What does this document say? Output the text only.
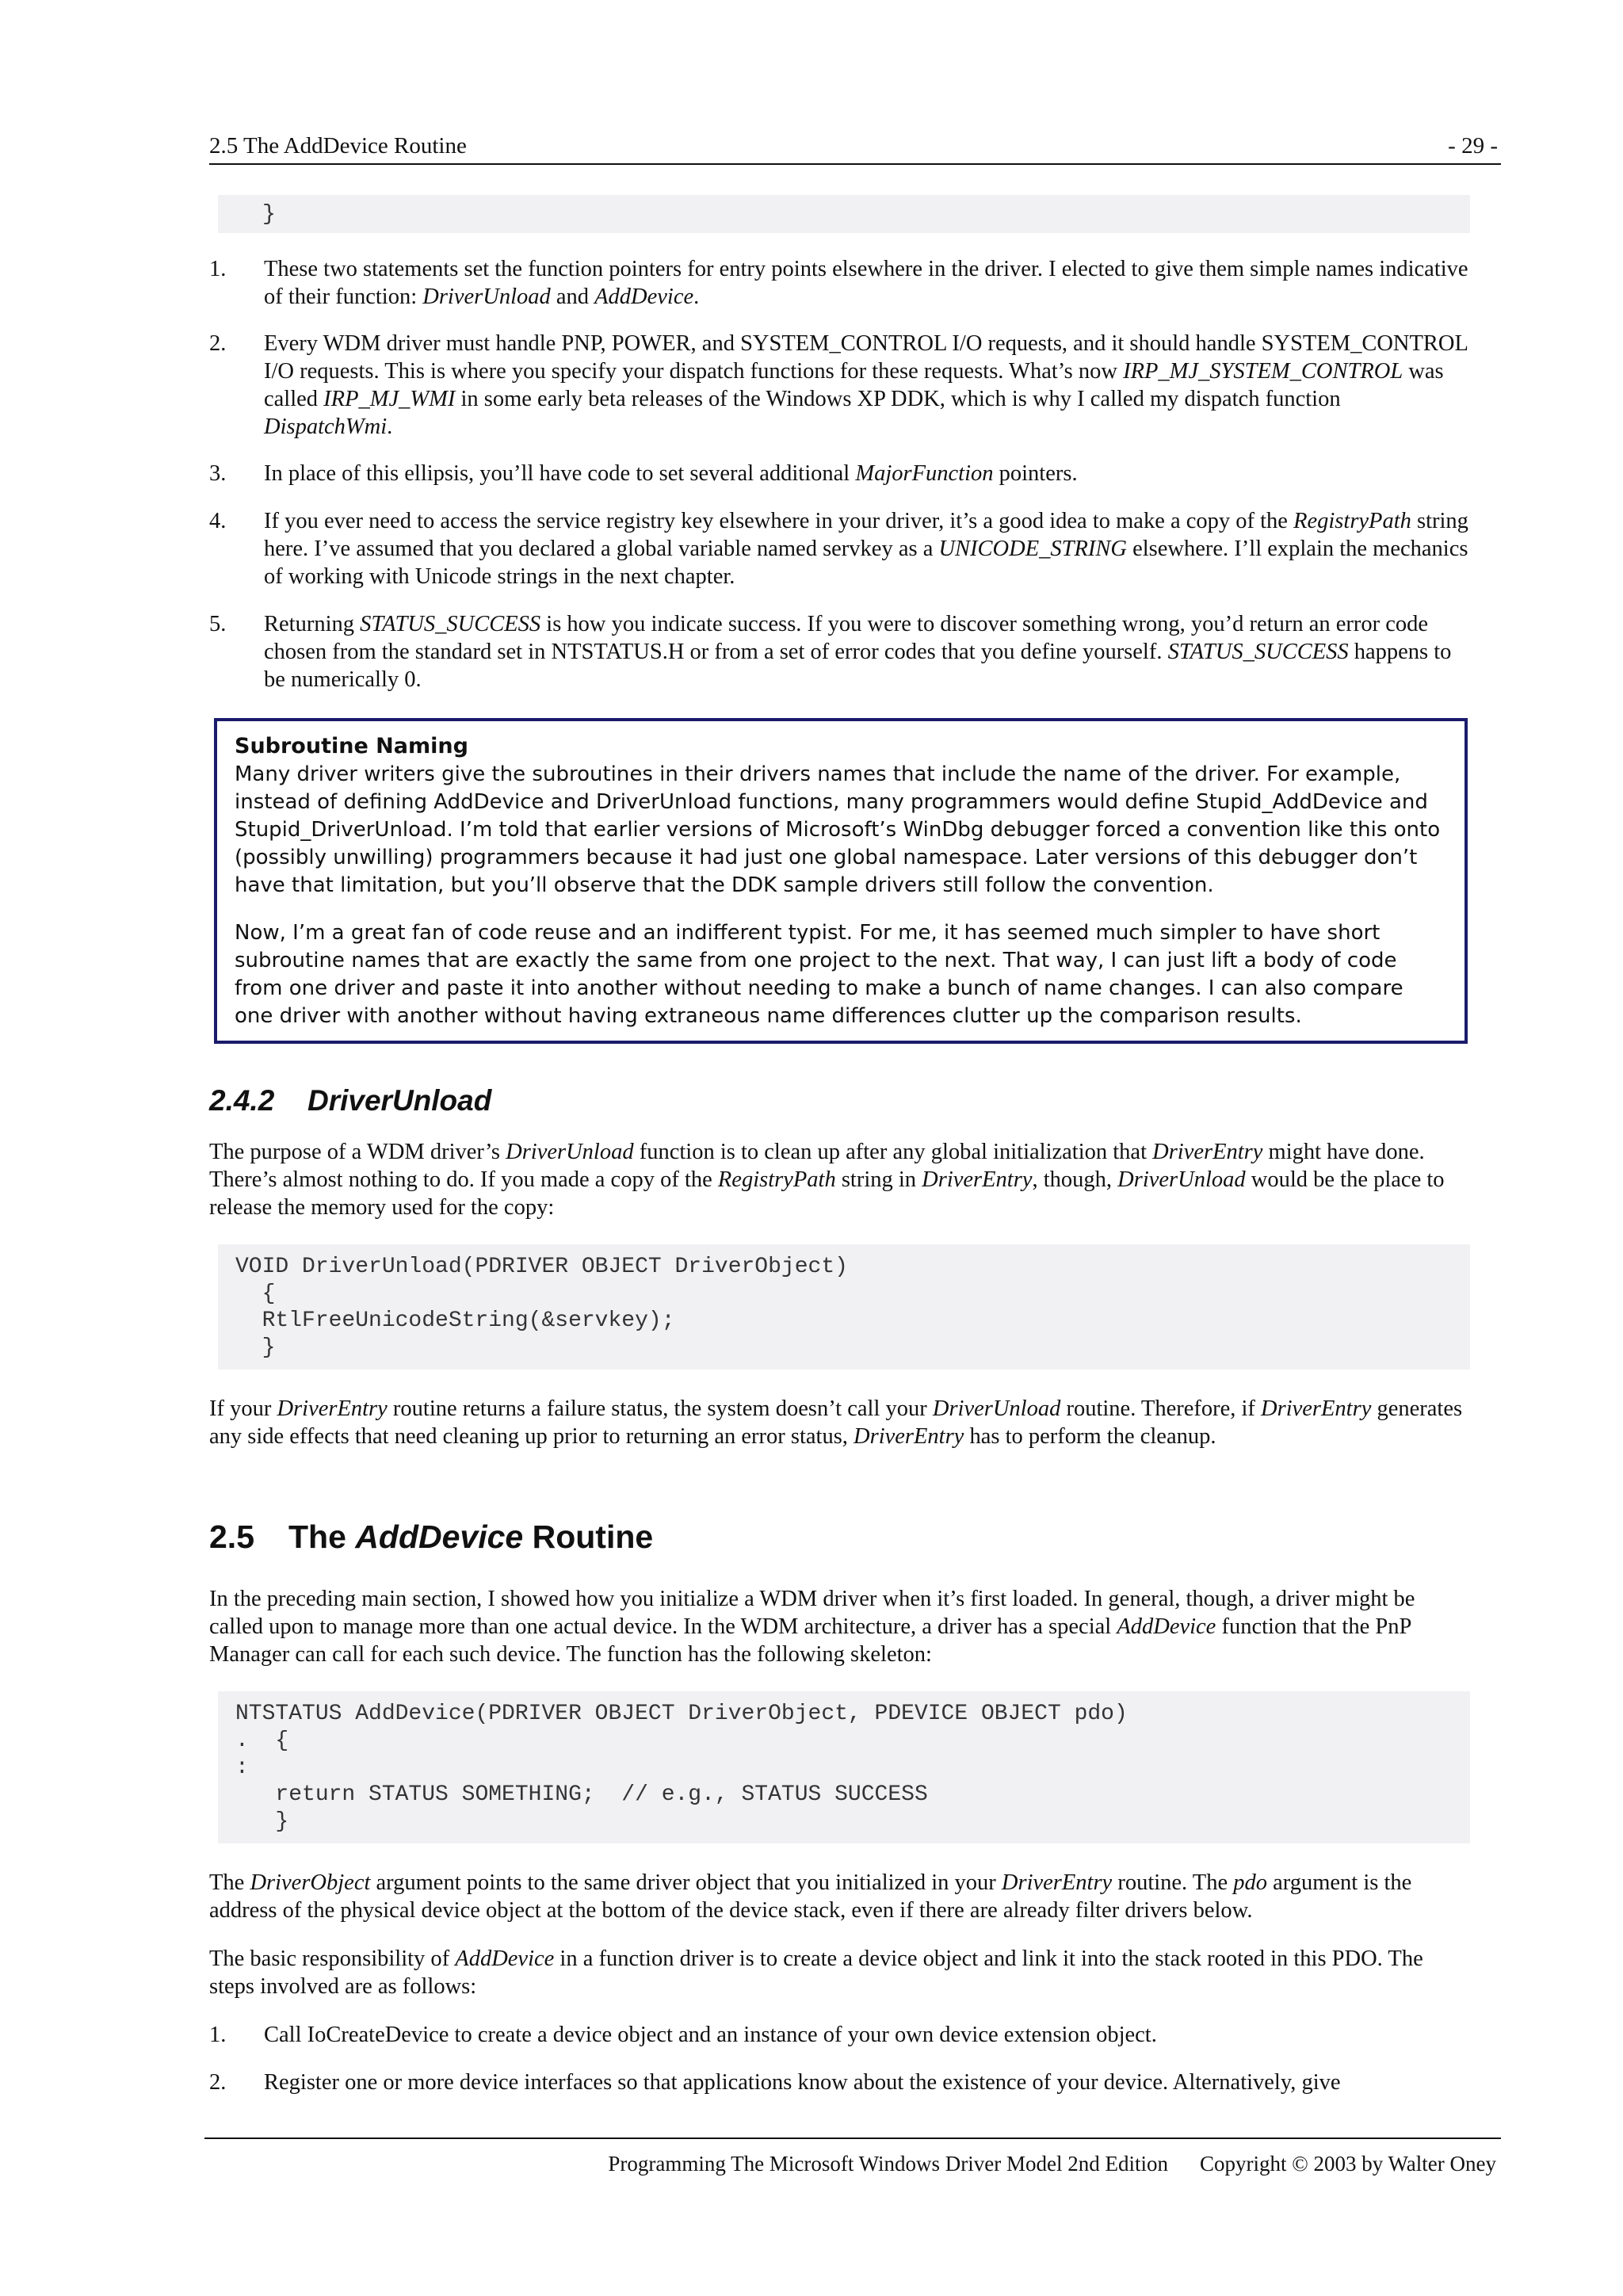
2.5 The AddDevice Routine	- 29 -
}
1. These two statements set the function pointers for entry points elsewhere in the driver. I elected to give them simple names indicative of their function: DriverUnload and AddDevice.

2. Every WDM driver must handle PNP, POWER, and SYSTEM_CONTROL I/O requests, and it should handle SYSTEM_CONTROL I/O requests. This is where you specify your dispatch functions for these requests. What’s now IRP_MJ_SYSTEM_CONTROL was called IRP_MJ_WMI in some early beta releases of the Windows XP DDK, which is why I called my dispatch function DispatchWmi.

3. In place of this ellipsis, you’ll have code to set several additional MajorFunction pointers.

4. If you ever need to access the service registry key elsewhere in your driver, it’s a good idea to make a copy of the RegistryPath string here. I’ve assumed that you declared a global variable named servkey as a UNICODE_STRING elsewhere. I’ll explain the mechanics of working with Unicode strings in the next chapter.

5. Returning STATUS_SUCCESS is how you indicate success. If you were to discover something wrong, you’d return an error code chosen from the standard set in NTSTATUS.H or from a set of error codes that you define yourself. STATUS_SUCCESS happens to be numerically 0.

Subroutine Naming

Many driver writers give the subroutines in their drivers names that include the name of the driver. For example, instead of defining AddDevice and DriverUnload functions, many programmers would define Stupid_AddDevice and Stupid_DriverUnload. I’m told that earlier versions of Microsoft’s WinDbg debugger forced a convention like this onto (possibly unwilling) programmers because it had just one global namespace. Later versions of this debugger don’t have that limitation, but you’ll observe that the DDK sample drivers still follow the convention.

Now, I’m a great fan of code reuse and an indifferent typist. For me, it has seemed much simpler to have short subroutine names that are exactly the same from one project to the next. That way, I can just lift a body of code from one driver and paste it into another without needing to make a bunch of name changes. I can also compare one driver with another without having extraneous name differences clutter up the comparison results.

2.4.2 DriverUnload

The purpose of a WDM driver’s DriverUnload function is to clean up after any global initialization that DriverEntry might have done. There’s almost nothing to do. If you made a copy of the RegistryPath string in DriverEntry, though, DriverUnload would be the place to release the memory used for the copy:

VOID DriverUnload(PDRIVER OBJECT DriverObject)
{
RtlFreeUnicodeString(&servkey);
}

If your DriverEntry routine returns a failure status, the system doesn’t call your DriverUnload routine. Therefore, if DriverEntry generates any side effects that need cleaning up prior to returning an error status, DriverEntry has to perform the cleanup.

2.5 The AddDevice Routine

In the preceding main section, I showed how you initialize a WDM driver when it’s first loaded. In general, though, a driver might be called upon to manage more than one actual device. In the WDM architecture, a driver has a special AddDevice function that the PnP Manager can call for each such device. The function has the following skeleton:

NTSTATUS AddDevice(PDRIVER OBJECT DriverObject, PDEVICE OBJECT pdo)
.  {
:
return STATUS SOMETHING;  // e.g., STATUS SUCCESS
}

The DriverObject argument points to the same driver object that you initialized in your DriverEntry routine. The pdo argument is the address of the physical device object at the bottom of the device stack, even if there are already filter drivers below.

The basic responsibility of AddDevice in a function driver is to create a device object and link it into the stack rooted in this PDO. The steps involved are as follows:

1. Call IoCreateDevice to create a device object and an instance of your own device extension object.

2. Register one or more device interfaces so that applications know about the existence of your device. Alternatively, give

Programming The Microsoft Windows Driver Model 2nd Edition Copyright © 2003 by Walter Oney
